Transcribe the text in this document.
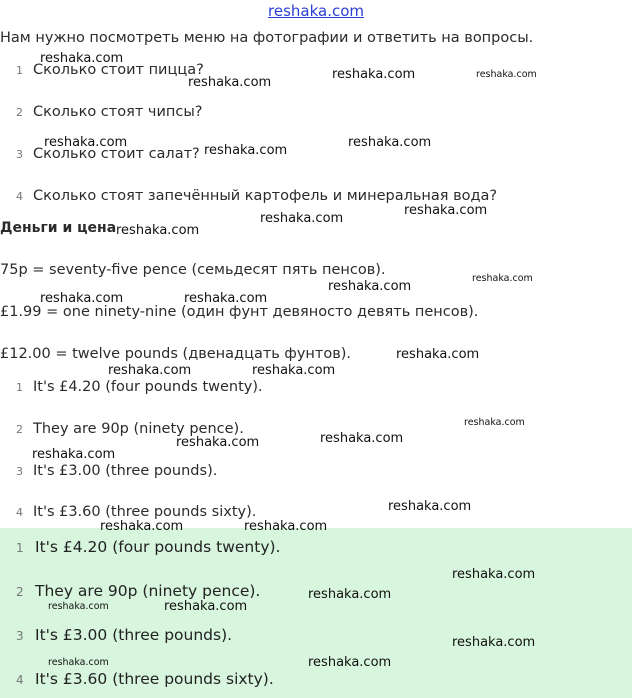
reshaka.com
Нам нужно посмотреть меню на фотографии и ответить на вопросы.
1 Сколько стоит пицца?
2 Сколько стоят чипсы?
3 Сколько стоит салат?
4 Сколько стоят запечённый картофель и минеральная вода?
Деньги и цена
75p = seventy-five pence (семьдесят пять пенсов).
£1.99 = one ninety-nine (один фунт девяносто девять пенсов).
£12.00 = twelve pounds (двенадцать фунтов).
1 It's £4.20 (four pounds twenty).
2 They are 90p (ninety pence).
3 It's £3.00 (three pounds).
4 It's £3.60 (three pounds sixty).
1 It's £4.20 (four pounds twenty).
2 They are 90p (ninety pence).
3 It's £3.00 (three pounds).
4 It's £3.60 (three pounds sixty).
reshaka.com
reshaka.com	reshaka.com
reshaka.com
reshaka.com	reshaka.com
reshaka.com
reshaka.com
reshaka.com
reshaka.com
reshaka.com
reshaka.com
reshaka.com	reshaka.com
reshaka.com
reshaka.com	reshaka.com
reshaka.com
reshaka.com
reshaka.com
reshaka.com
reshaka.com
reshaka.com	reshaka.com
reshaka.com
reshaka.com
reshaka.com	reshaka.com
reshaka.com
reshaka.com	reshaka.com
